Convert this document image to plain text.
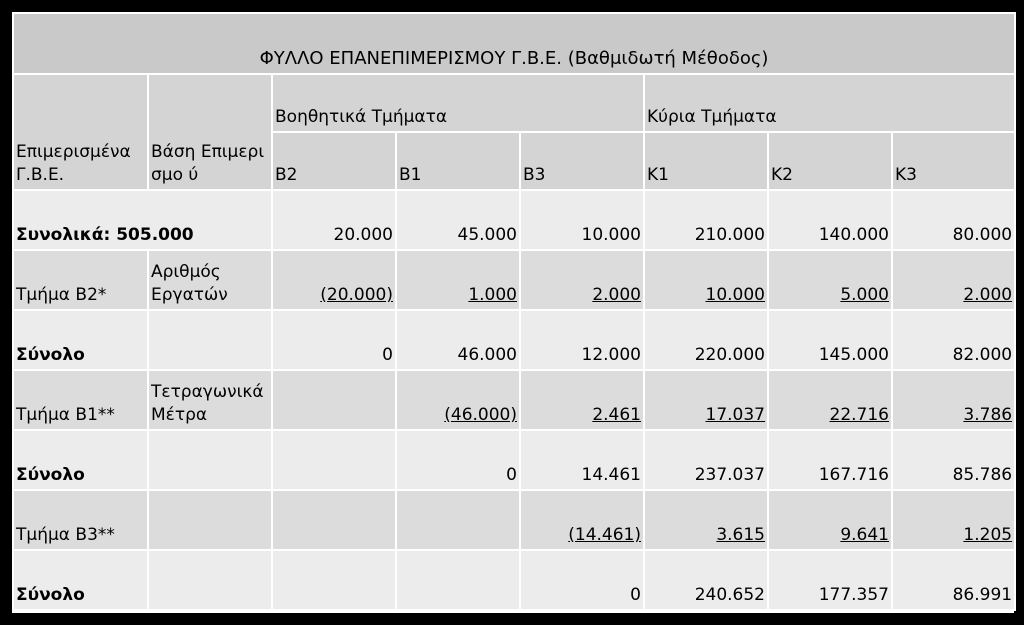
ΦΥΛΛΟ ΕΠΑΝΕΠΙΜΕΡΙΣΜΟΥ Γ.Β.Ε. (Βαθμιδωτή Μέθοδος)							
Επιμερισμένα Γ.Β.Ε.	Βάση Επιμερισμο ύ	Βοηθητικά Τμήματα			Κύρια Τμήματα		
		Β2	Β1	Β3	Κ1	Κ2	Κ3
Συνολικά: 505.000		20.000	45.000	10.000	210.000	140.000	80.000
Τμήμα Β2*	Αριθμός Εργατών	(20.000)	1.000	2.000	10.000	5.000	2.000
Σύνολο		0	46.000	12.000	220.000	145.000	82.000
Τμήμα Β1**	Τετραγωνικά Μέτρα		(46.000)	2.461	17.037	22.716	3.786
Σύνολο			0	14.461	237.037	167.716	85.786
Τμήμα Β3**				(14.461)	3.615	9.641	1.205
Σύνολο				0	240.652	177.357	86.991
